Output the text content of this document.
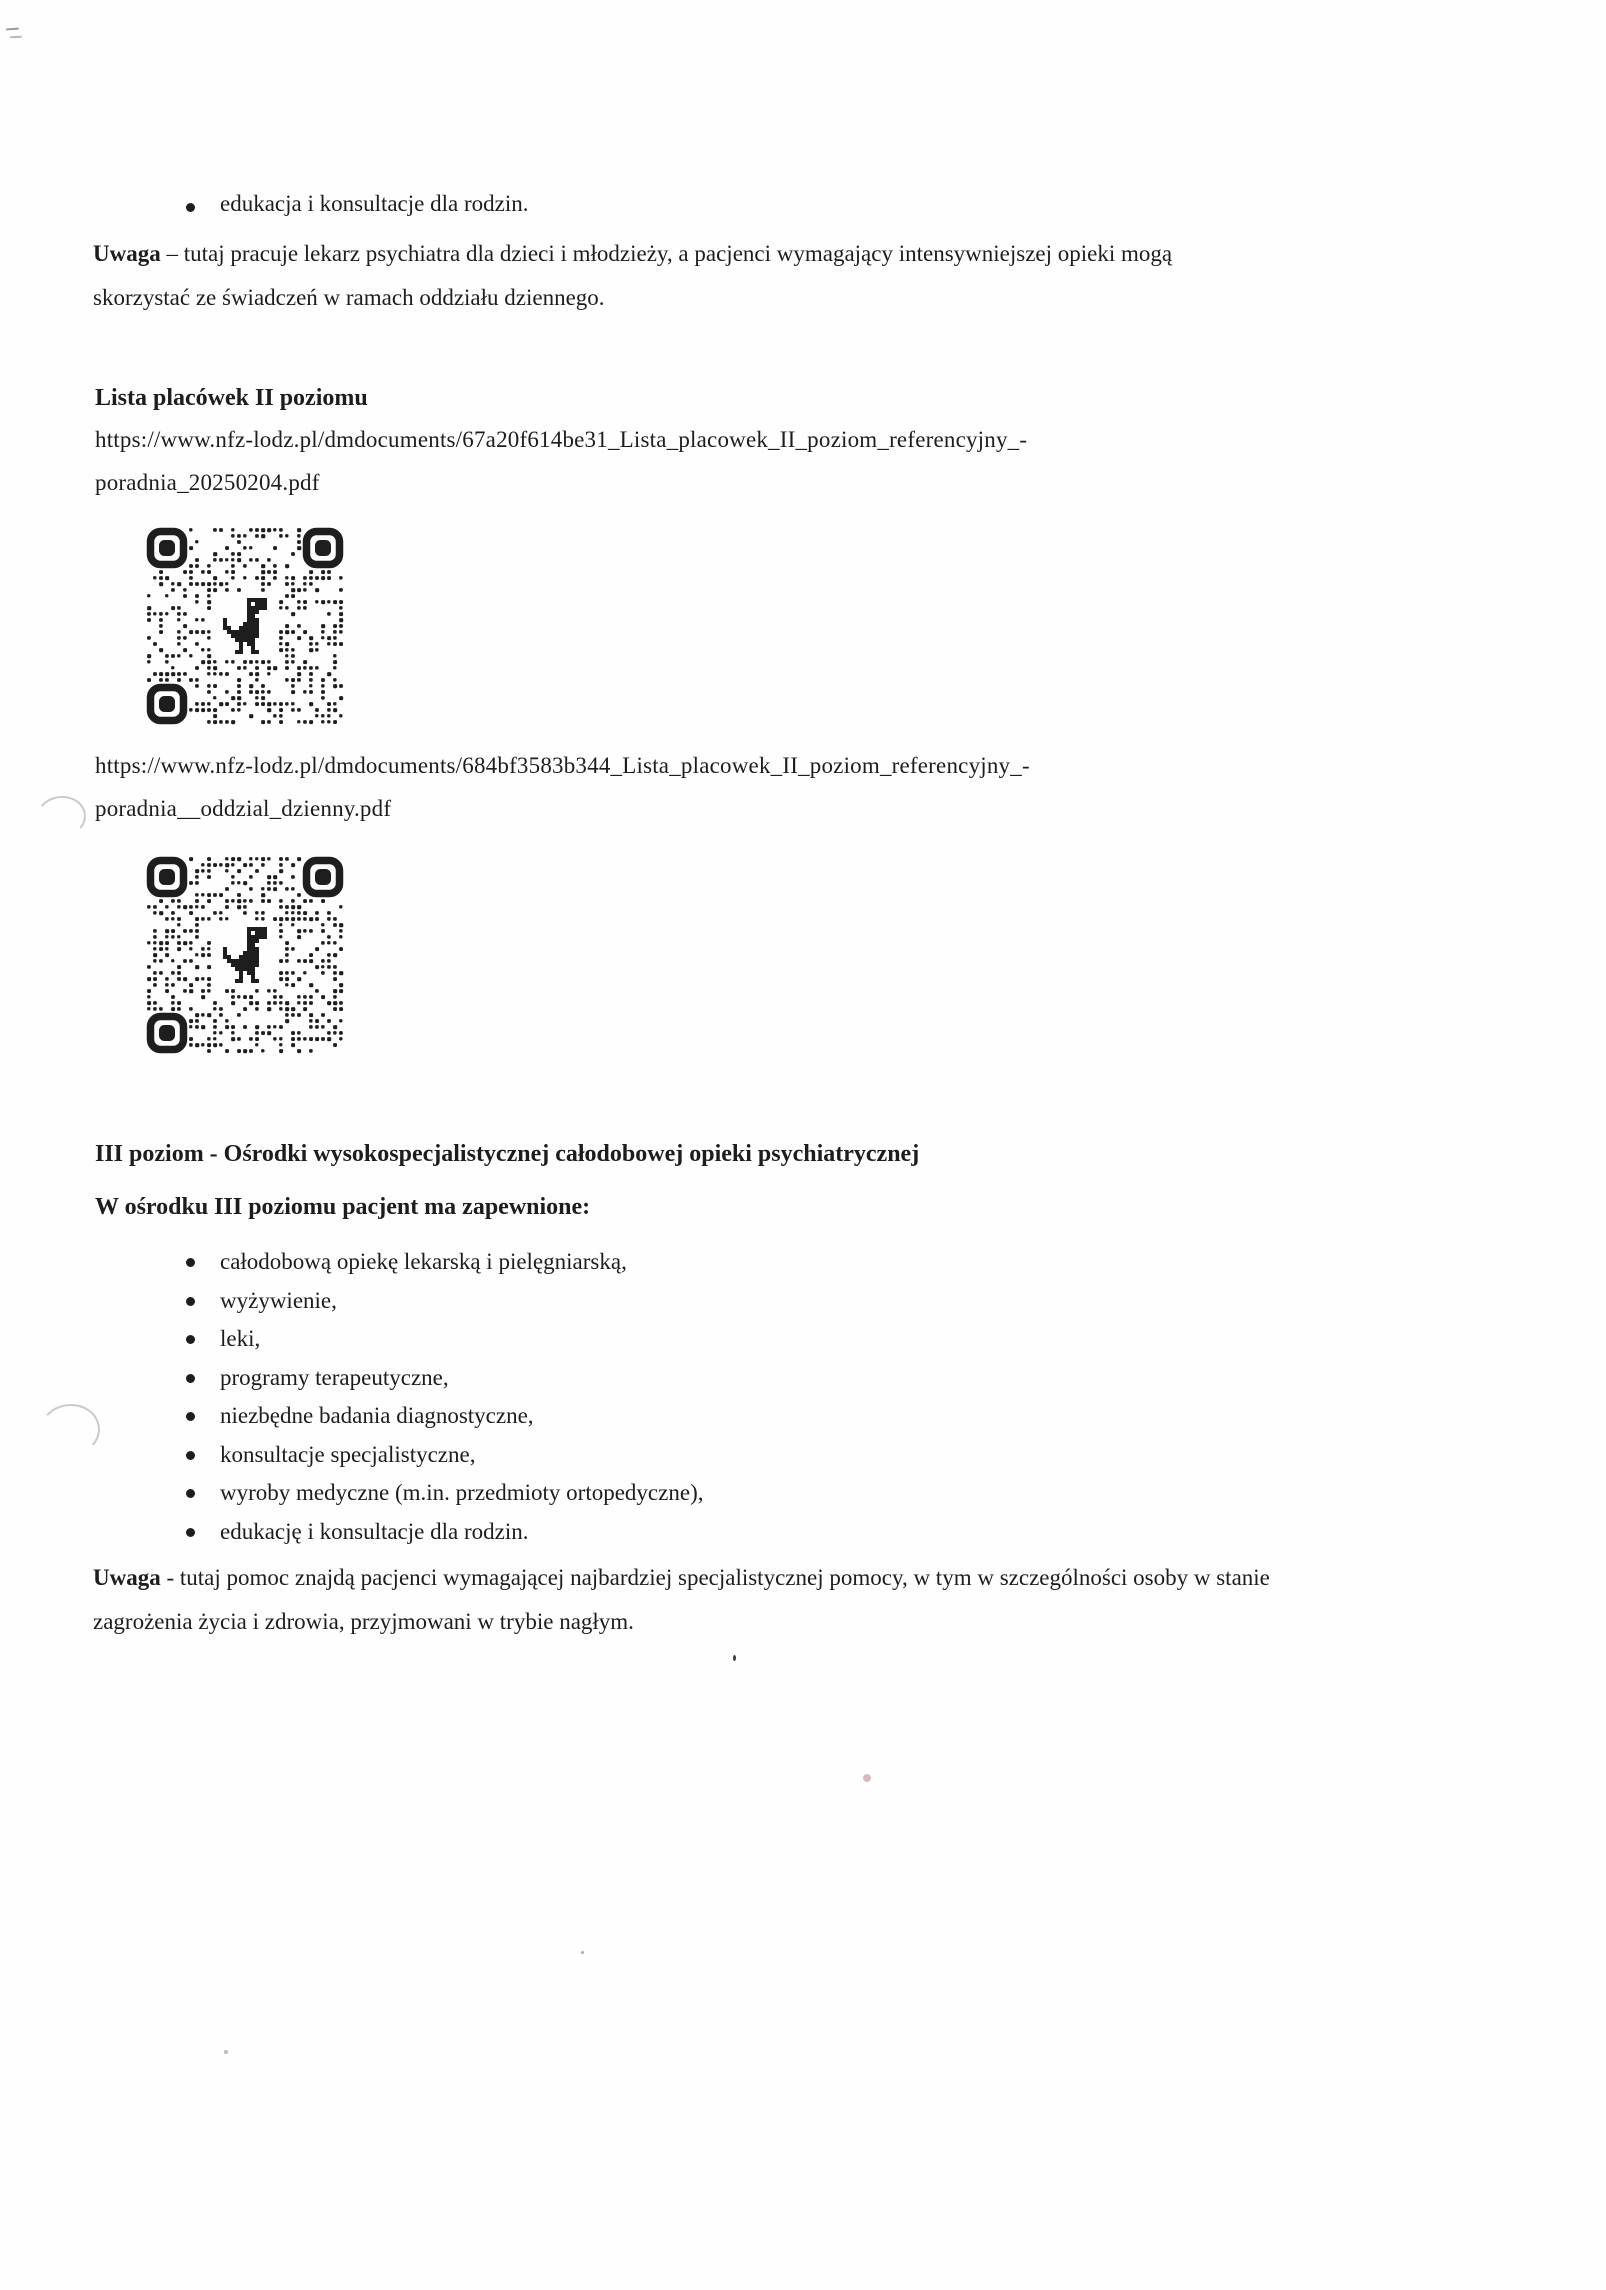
edukacja i konsultacje dla rodzin.

Uwaga – tutaj pracuje lekarz psychiatra dla dzieci i młodzieży, a pacjenci wymagający intensywniejszej opieki mogą skorzystać ze świadczeń w ramach oddziału dziennego.

Lista placówek II poziomu

https://www.nfz-lodz.pl/dmdocuments/67a20f614be31_Lista_placowek_II_poziom_referencyjny_-
poradnia_20250204.pdf

https://www.nfz-lodz.pl/dmdocuments/684bf3583b344_Lista_placowek_II_poziom_referencyjny_-
poradnia__oddzial_dzienny.pdf

III poziom - Ośrodki wysokospecjalistycznej całodobowej opieki psychiatrycznej
W ośrodku III poziomu pacjent ma zapewnione:
całodobową opiekę lekarską i pielęgniarską,
wyżywienie,
leki,
programy terapeutyczne,
niezbędne badania diagnostyczne,
konsultacje specjalistyczne,
wyroby medyczne (m.in. przedmioty ortopedyczne),
edukację i konsultacje dla rodzin.

Uwaga - tutaj pomoc znajdą pacjenci wymagającej najbardziej specjalistycznej pomocy, w tym w szczególności osoby w stanie zagrożenia życia i zdrowia, przyjmowani w trybie nagłym.
